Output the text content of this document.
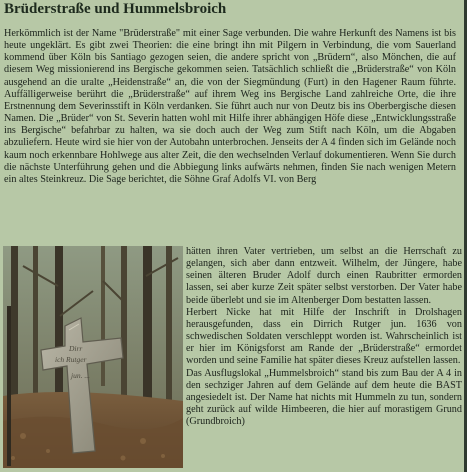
Brüderstraße und Hummelsbroich

Herkömmlich ist der Name "Brüderstraße" mit einer Sage verbunden. Die wahre Herkunft des Namens ist bis heute ungeklärt. Es gibt zwei Theorien: die eine bringt ihn mit Pilgern in Verbindung, die vom Sauerland kommend über Köln bis Santiago gezogen seien, die andere spricht von „Brüdern“, also Mönchen, die auf diesem Weg missionierend ins Bergische gekommen seien. Tatsächlich schließt die „Brüderstraße“ von Köln ausgehend an die uralte „Heidenstraße“ an, die von der Siegmündung (Furt) in den Hagener Raum führte. Auffälligerweise berührt die „Brüderstraße“ auf ihrem Weg ins Bergische Land zahlreiche Orte, die ihre Erstnennung dem Severinsstift in Köln verdanken. Sie führt auch nur von Deutz bis ins Oberbergische diesen Namen. Die „Brüder“ von St. Severin hatten wohl mit Hilfe ihrer abhängigen Höfe diese „Entwicklungsstraße ins Bergische“ befahrbar zu halten, wa sie doch auch der Weg zum Stift nach Köln, um die Abgaben abzuliefern. Heute wird sie hier von der Autobahn unterbrochen. Jenseits der A 4 finden sich im Gelände noch kaum noch erkennbare Hohlwege aus alter Zeit, die den wechselnden Verlauf dokumentieren. Wenn Sie durch die nächste Unterführung gehen und die Abbiegung links aufwärts nehmen, finden Sie nach wenigen Metern ein altes Steinkreuz. Die Sage berichtet, die Söhne Graf Adolfs VI. von Berg

Dirr
ich Rutger
jun. ...

hätten ihren Vater vertrieben, um selbst an die Herrschaft zu gelangen, sich aber dann entzweit. Wilhelm, der Jüngere, habe seinen älteren Bruder Adolf durch einen Raubritter ermorden lassen, sei aber kurze Zeit später selbst verstorben. Der Vater habe beide überlebt und sie im Altenberger Dom bestatten lassen.

Herbert Nicke hat mit Hilfe der Inschrift in Drolshagen herausgefunden, dass ein Dirrich Rutger jun. 1636 von schwedischen Soldaten verschleppt worden ist. Wahrscheinlich ist er hier im Königsforst am Rande der „Brüderstraße“ ermordet worden und seine Familie hat später dieses Kreuz aufstellen lassen.

Das Ausflugslokal „Hummelsbroich“ stand bis zum Bau der A 4 in den sechziger Jahren auf dem Gelände auf dem heute die BAST angesiedelt ist. Der Name hat nichts mit Hummeln zu tun, sondern geht zurück auf wilde Himbeeren, die hier auf morastigem Grund (Grundbroich)
